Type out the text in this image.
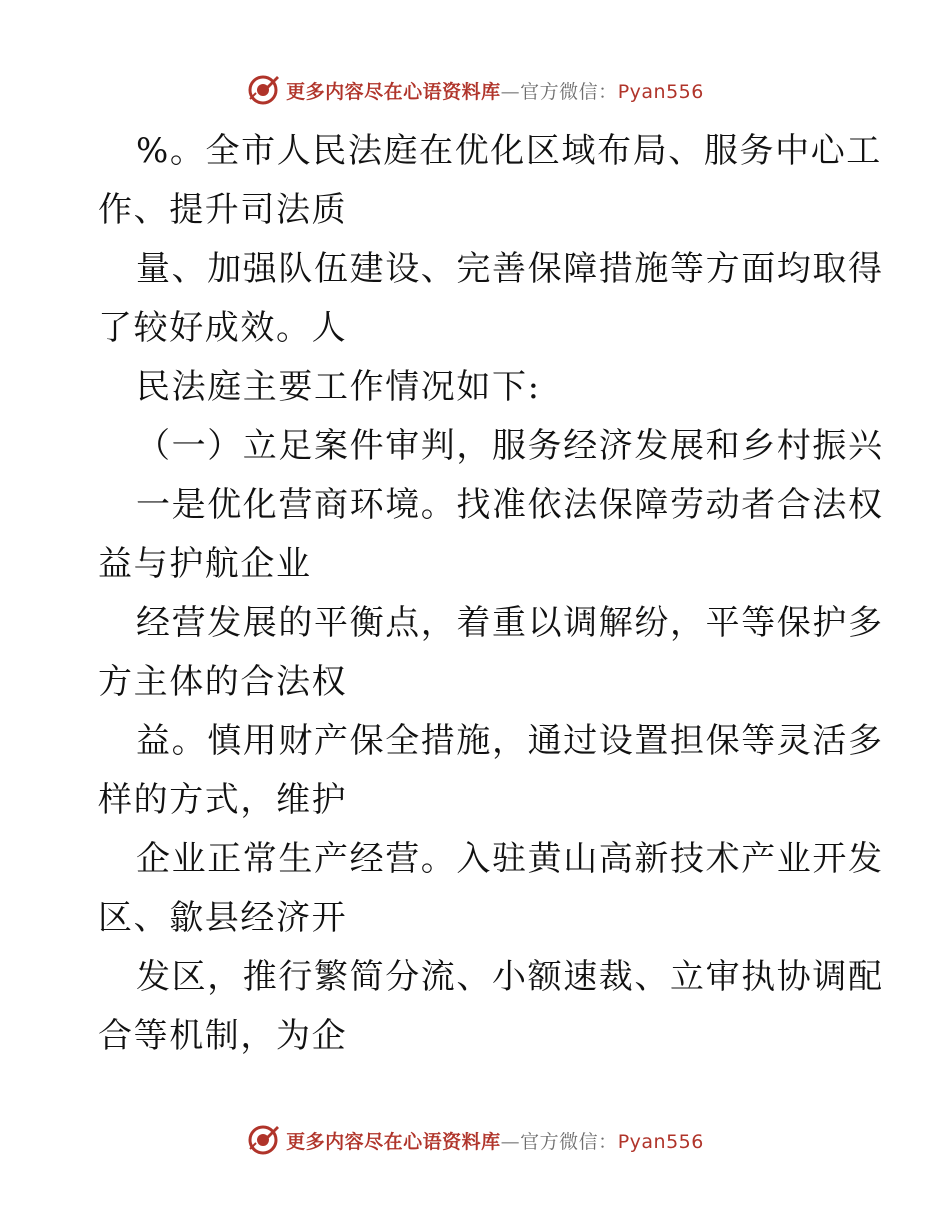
更多内容尽在心语资料库—官方微信：Pyan556
%。全市人民法庭在优化区域布局、服务中心工
作、提升司法质
量、加强队伍建设、完善保障措施等方面均取得
了较好成效。人
民法庭主要工作情况如下:
（一）立足案件审判，服务经济发展和乡村振兴
一是优化营商环境。找准依法保障劳动者合法权
益与护航企业
经营发展的平衡点，着重以调解纷，平等保护多
方主体的合法权
益。慎用财产保全措施，通过设置担保等灵活多
样的方式，维护
企业正常生产经营。入驻黄山高新技术产业开发
区、歙县经济开
发区，推行繁简分流、小额速裁、立审执协调配
合等机制，为企
更多内容尽在心语资料库—官方微信：Pyan556
